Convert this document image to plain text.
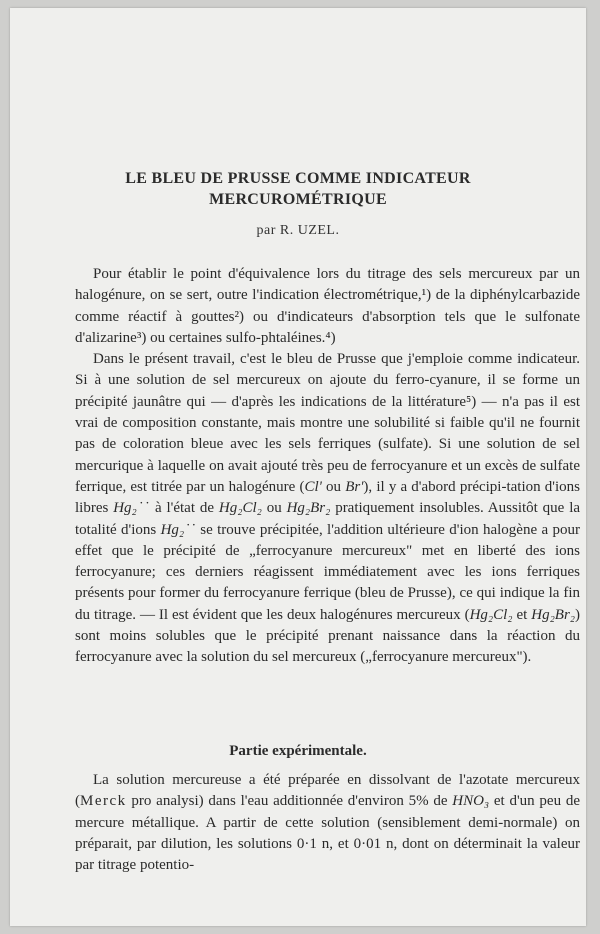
LE BLEU DE PRUSSE COMME INDICATEUR
MERCUROMÉTRIQUE

par R. UZEL.

Pour établir le point d'équivalence lors du titrage des sels mercureux par un halogénure, on se sert, outre l'indication électrométrique,¹) de la diphénylcarbazide comme réactif à gouttes²) ou d'indicateurs d'absorption tels que le sulfonate d'alizarine³) ou certaines sulfo-phtaléines.⁴)

Dans le présent travail, c'est le bleu de Prusse que j'emploie comme indicateur. Si à une solution de sel mercureux on ajoute du ferro-cyanure, il se forme un précipité jaunâtre qui — d'après les indications de la littérature⁵) — n'a pas il est vrai de composition constante, mais montre une solubilité si faible qu'il ne fournit pas de coloration bleue avec les sels ferriques (sulfate). Si une solution de sel mercurique à laquelle on avait ajouté très peu de ferrocyanure et un excès de sulfate ferrique, est titrée par un halogénure (Cl' ou Br'), il y a d'abord précipi-tation d'ions libres Hg₂˙˙ à l'état de Hg₂Cl₂ ou Hg₂Br₂ pratiquement insolubles. Aussitôt que la totalité d'ions Hg₂˙˙ se trouve précipitée, l'addition ultérieure d'ion halogène a pour effet que le précipité de „ferrocyanure mercureux" met en liberté des ions ferrocyanure; ces derniers réagissent immédiatement avec les ions ferriques présents pour former du ferrocyanure ferrique (bleu de Prusse), ce qui indique la fin du titrage. — Il est évident que les deux halogénures mercureux (Hg₂Cl₂ et Hg₂Br₂) sont moins solubles que le précipité prenant naissance dans la réaction du ferrocyanure avec la solution du sel mercureux („ferrocyanure mercureux").

Partie expérimentale.

La solution mercureuse a été préparée en dissolvant de l'azotate mercureux (Merck pro analysi) dans l'eau additionnée d'environ 5% de HNO₃ et d'un peu de mercure métallique. A partir de cette solution (sensiblement demi-normale) on préparait, par dilution, les solutions 0·1 n, et 0·01 n, dont on déterminait la valeur par titrage potentio-
